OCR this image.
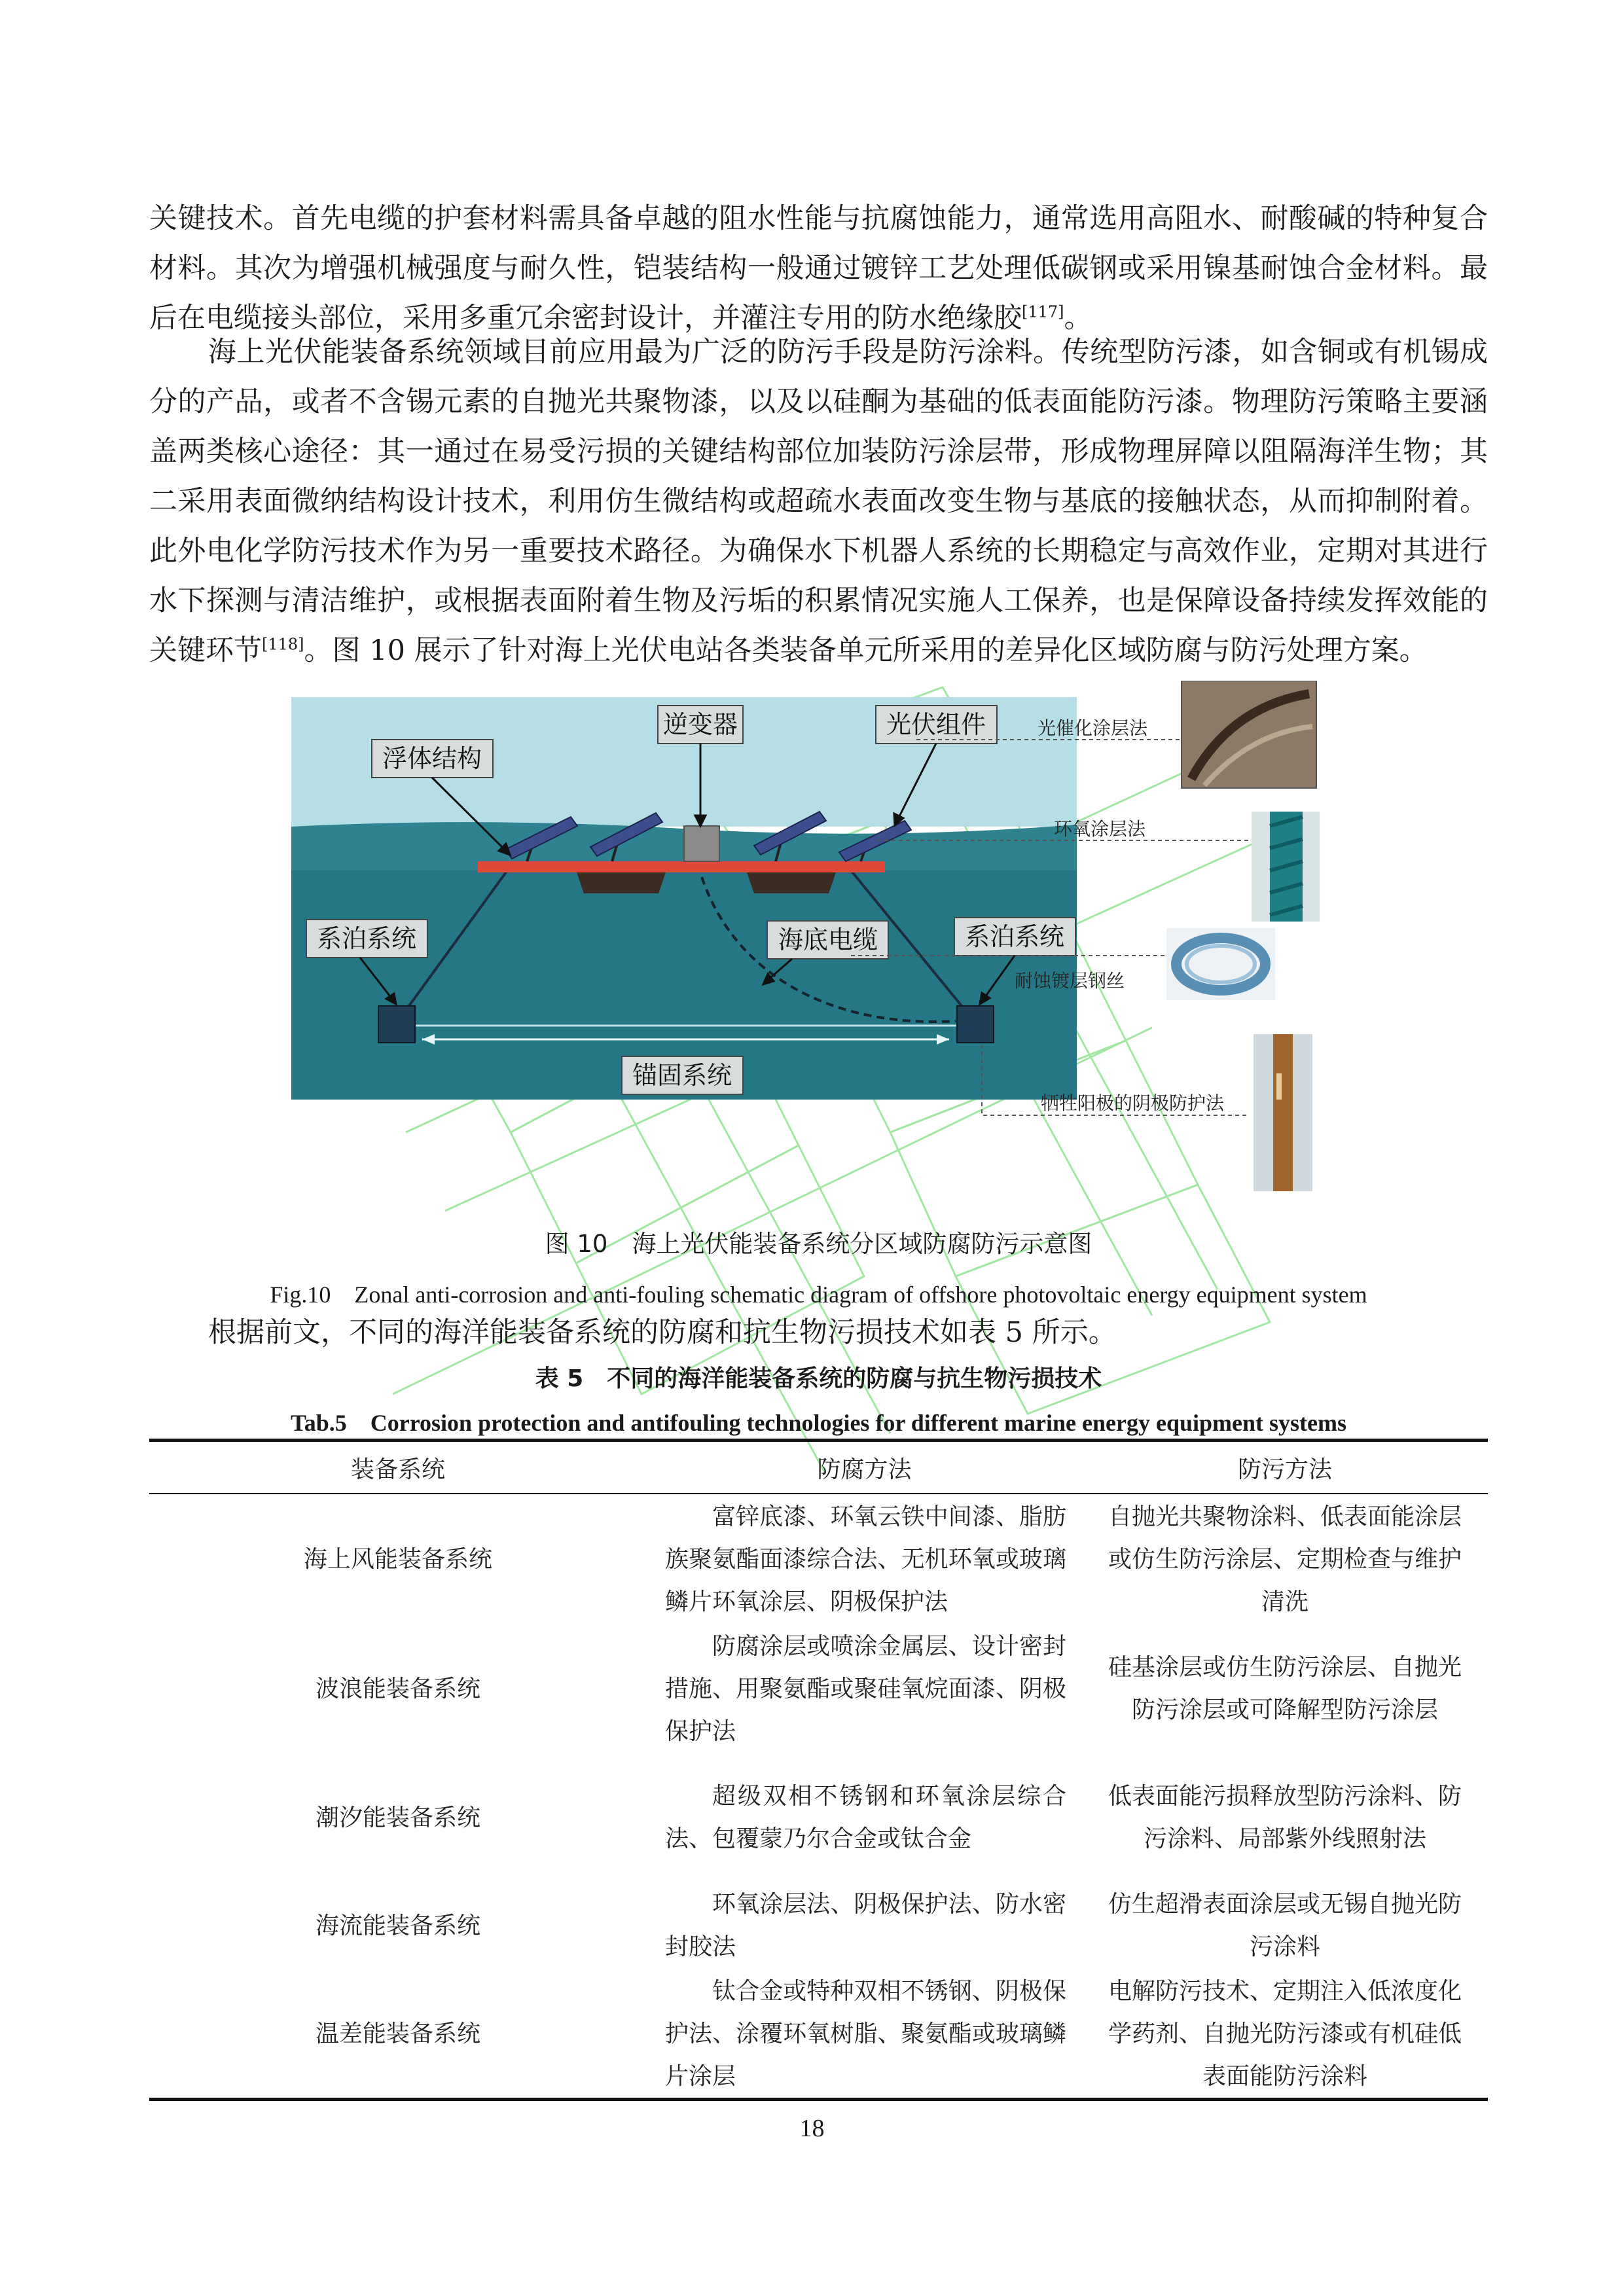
关键技术。首先电缆的护套材料需具备卓越的阻水性能与抗腐蚀能力，通常选用高阻水、耐酸碱的特种复合材料。其次为增强机械强度与耐久性，铠装结构一般通过镀锌工艺处理低碳钢或采用镍基耐蚀合金材料。最后在电缆接头部位，采用多重冗余密封设计，并灌注专用的防水绝缘胶[117]。

海上光伏能装备系统领域目前应用最为广泛的防污手段是防污涂料。传统型防污漆，如含铜或有机锡成分的产品，或者不含锡元素的自抛光共聚物漆，以及以硅酮为基础的低表面能防污漆。物理防污策略主要涵盖两类核心途径：其一通过在易受污损的关键结构部位加装防污涂层带，形成物理屏障以阻隔海洋生物；其二采用表面微纳结构设计技术，利用仿生微结构或超疏水表面改变生物与基底的接触状态，从而抑制附着。此外电化学防污技术作为另一重要技术路径。为确保水下机器人系统的长期稳定与高效作业，定期对其进行水下探测与清洁维护，或根据表面附着生物及污垢的积累情况实施人工保养，也是保障设备持续发挥效能的关键环节[118]。图 10 展示了针对海上光伏电站各类装备单元所采用的差异化区域防腐与防污处理方案。

逆变器	光伏组件
浮体结构
系泊系统	海底电缆	系泊系统
锚固系统
光催化涂层法
环氧涂层法
耐蚀镀层钢丝
牺牲阳极的阴极防护法

图 10　海上光伏能装备系统分区域防腐防污示意图

Fig.10　Zonal anti-corrosion and anti-fouling schematic diagram of offshore photovoltaic energy equipment system

根据前文，不同的海洋能装备系统的防腐和抗生物污损技术如表 5 所示。

表 5　不同的海洋能装备系统的防腐与抗生物污损技术

Tab.5　Corrosion protection and antifouling technologies for different marine energy equipment systems

装备系统	防腐方法	防污方法
海上风能装备系统	富锌底漆、环氧云铁中间漆、脂肪族聚氨酯面漆综合法、无机环氧或玻璃鳞片环氧涂层、阴极保护法	自抛光共聚物涂料、低表面能涂层或仿生防污涂层、定期检查与维护清洗
波浪能装备系统	防腐涂层或喷涂金属层、设计密封措施、用聚氨酯或聚硅氧烷面漆、阴极保护法	硅基涂层或仿生防污涂层、自抛光防污涂层或可降解型防污涂层
潮汐能装备系统	超级双相不锈钢和环氧涂层综合法、包覆蒙乃尔合金或钛合金	低表面能污损释放型防污涂料、防污涂料、局部紫外线照射法
海流能装备系统	环氧涂层法、阴极保护法、防水密封胶法	仿生超滑表面涂层或无锡自抛光防污涂料
温差能装备系统	钛合金或特种双相不锈钢、阴极保护法、涂覆环氧树脂、聚氨酯或玻璃鳞片涂层	电解防污技术、定期注入低浓度化学药剂、自抛光防污漆或有机硅低表面能防污涂料
18
